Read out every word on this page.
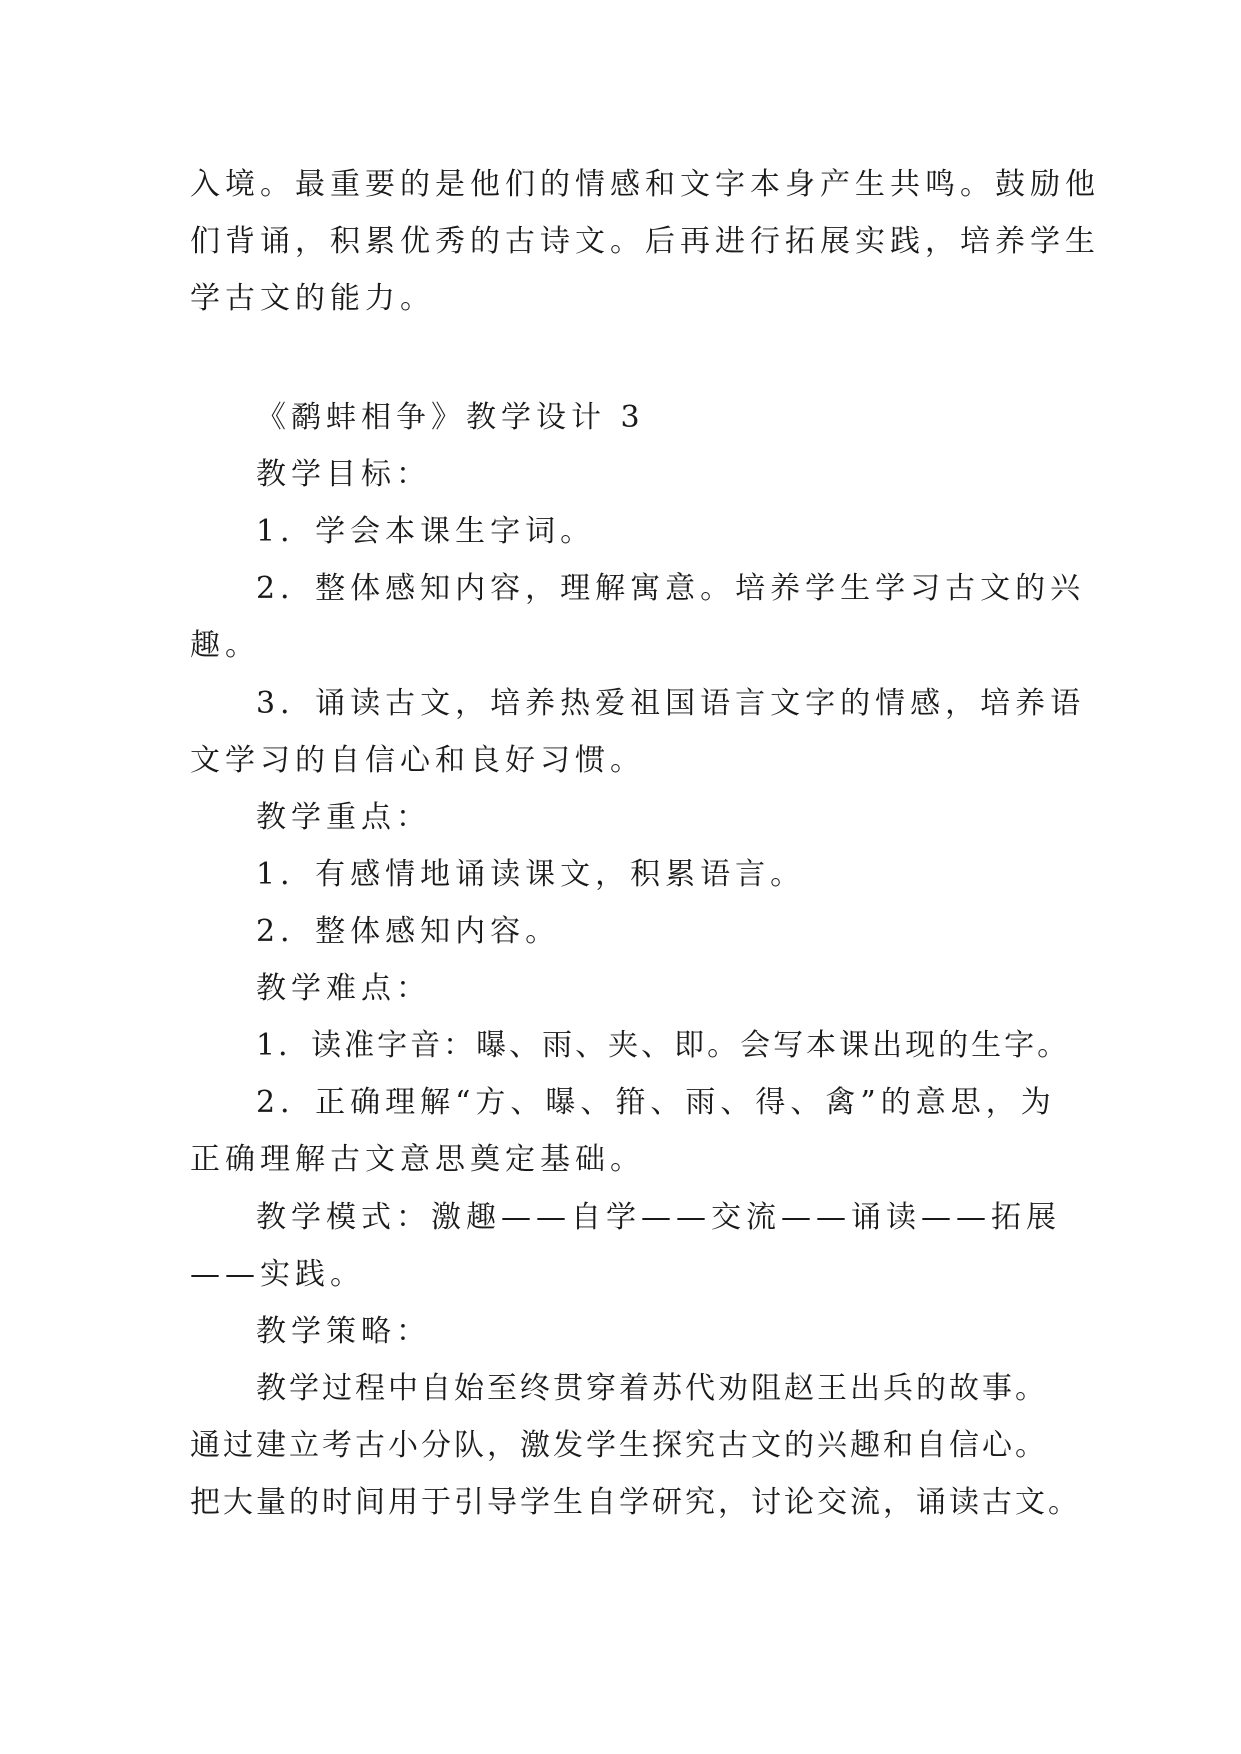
入境。最重要的是他们的情感和文字本身产生共鸣。鼓励他
们背诵，积累优秀的古诗文。后再进行拓展实践，培养学生
学古文的能力。
《鹬蚌相争》教学设计 3
教学目标：
1．学会本课生字词。
2．整体感知内容，理解寓意。培养学生学习古文的兴
趣。
3．诵读古文，培养热爱祖国语言文字的情感，培养语
文学习的自信心和良好习惯。
教学重点：
1．有感情地诵读课文，积累语言。
2．整体感知内容。
教学难点：
1．读准字音：曝、雨、夹、即。会写本课出现的生字。
2．正确理解“方、曝、箝、雨、得、禽”的意思，为
正确理解古文意思奠定基础。
教学模式：激趣——自学——交流——诵读——拓展
——实践。
教学策略：
教学过程中自始至终贯穿着苏代劝阻赵王出兵的故事。
通过建立考古小分队，激发学生探究古文的兴趣和自信心。
把大量的时间用于引导学生自学研究，讨论交流，诵读古文。
